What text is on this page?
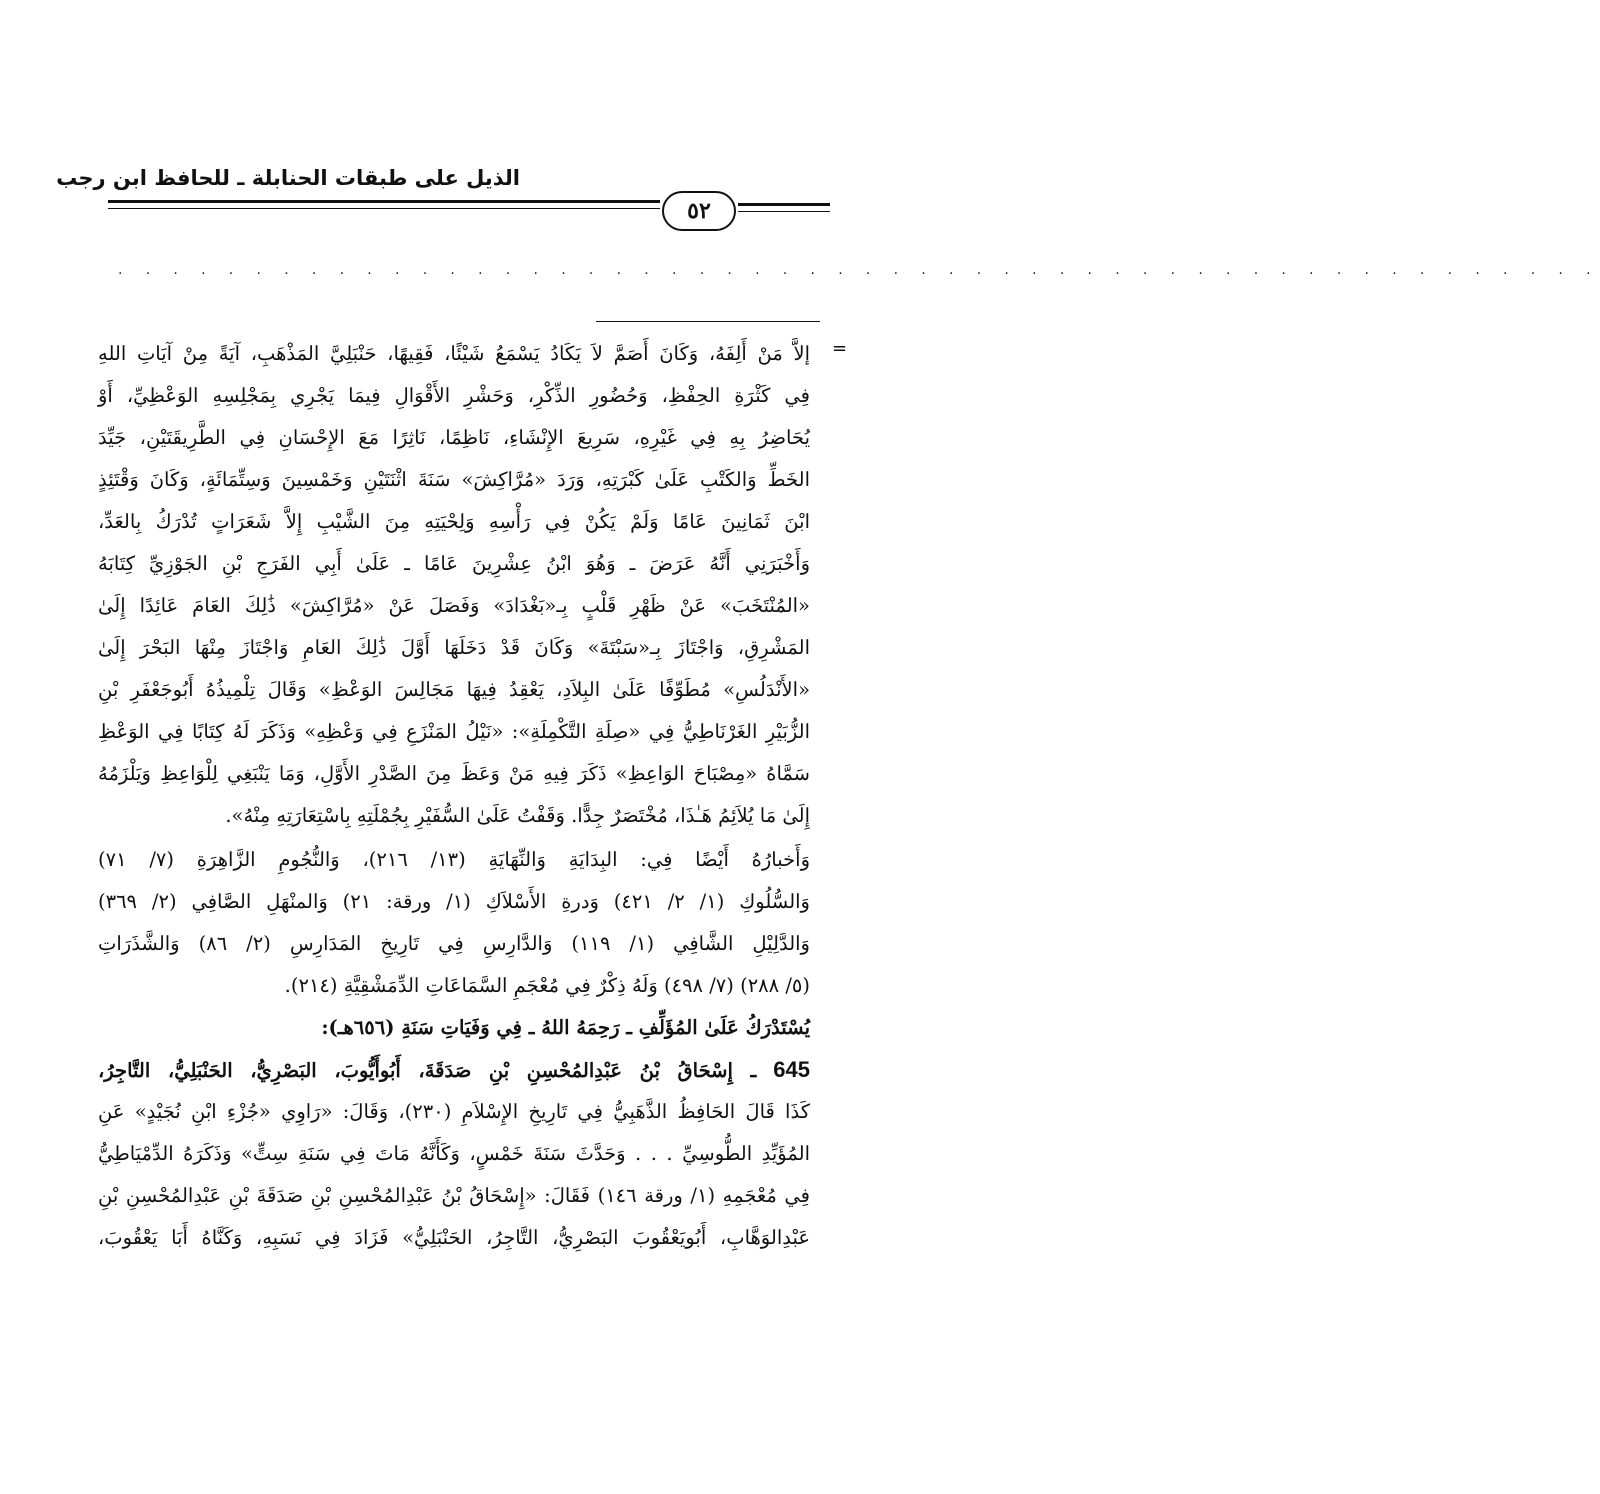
الذيل على طبقات الحنابلة ـ للحافظ ابن رجب
٥٢
. . . . . . . . . . . . . . . . . . . . . . . . . . . . . . . . . . . . . . . . . . . . . . . . . . . . . .
=
إلاَّ مَنْ أَلِفَهُ، وَكَانَ أَصَمَّ لاَ يَكَادُ يَسْمَعُ شَيْئًا، فَقِيهًا، حَنْبَلِيَّ المَذْهَبِ، آيَةً مِنْ آيَاتِ اللهِ
فِي كَثْرَةِ الحِفْظِ، وَحُضُورِ الذِّكْرِ، وَحَشْرِ الأَقْوَالِ فِيمَا يَجْرِي بِمَجْلِسِهِ الوَعْظِيِّ، أَوْ
يُحَاضِرُ بِهِ فِي غَيْرِهِ، سَرِيعَ الإِنْشَاءِ، نَاظِمًا، نَاثِرًا مَعَ الإِحْسَانِ فِي الطَّرِيقَتَيْنِ، جَيِّدَ
الخَطِّ وَالكَتْبِ عَلَىٰ كَبْرَتِهِ، وَرَدَ «مُرَّاكِشَ» سَنَةَ اثْنَتَيْنِ وَخَمْسِينَ وَسِتِّمَائَةٍ، وَكَانَ وَقْتَئِذٍ
ابْنَ ثَمَانِينَ عَامًا وَلَمْ يَكُنْ فِي رَأْسِهِ وَلِحْيَتِهِ مِنَ الشَّيْبِ إِلاَّ شَعَرَاتٍ تُدْرَكُ بِالعَدِّ،
وَأَخْبَرَنِي أَنَّهُ عَرَضَ ـ وَهُوَ ابْنُ عِشْرِينَ عَامًا ـ عَلَىٰ أَبِي الفَرَجِ بْنِ الجَوْزِيِّ كِتَابَهُ
«المُنْتَخَبَ» عَنْ ظَهْرِ قَلْبٍ بِـ«بَغْدَادَ» وَفَصَلَ عَنْ «مُرَّاكِشَ» ذَٰلِكَ العَامَ عَائِدًا إِلَىٰ
المَشْرِقِ، وَاجْتَازَ بِـ«سَبْتَةَ» وَكَانَ قَدْ دَخَلَهَا أَوَّلَ ذَٰلِكَ العَامِ وَاجْتَازَ مِنْهَا البَحْرَ إِلَىٰ
«الأَنْدَلُسِ» مُطَوِّفًا عَلَىٰ البِلاَدِ، يَعْقِدُ فِيهَا مَجَالِسَ الوَعْظِ» وَقَالَ تِلْمِيذُهُ أَبُوجَعْفَرِ بْنِ
الزُّبَيْرِ الغَرْنَاطِيُّ فِي «صِلَةِ التَّكْمِلَةِ»: «نَيْلُ المَنْزَعِ فِي وَعْظِهِ» وَذَكَرَ لَهُ كِتَابًا فِي الوَعْظِ
سَمَّاهُ «مِصْبَاحَ الوَاعِظِ» ذَكَرَ فِيهِ مَنْ وَعَظَ مِنَ الصَّدْرِ الأَوَّلِ، وَمَا يَنْبَغِي لِلْوَاعِظِ وَيَلْزَمُهُ
إِلَىٰ مَا يُلاَئِمُ هَـٰذَا، مُخْتَصَرٌ جِدًّا. وَقَفْتُ عَلَىٰ السُّفَيْرِ بِجُمْلَتِهِ بِاسْتِعَارَتِهِ مِنْهُ».
وَأَخبارُهُ أَيْضًا فِي: البِدَايَةِ وَالنِّهَايَةِ (١٣/ ٢١٦)، وَالنُّجُومِ الزَّاهِرَةِ (٧/ ٧١)
وَالسُّلُوكِ (١/ ٢/ ٤٢١) وَدرةِ الأَسْلاَكِ (١/ ورقة: ٢١) وَالمنْهَلِ الصَّافِي (٢/ ٣٦٩)
وَالدَّلِيْلِ الشَّافِي (١/ ١١٩) وَالدَّارِسِ فِي تَارِيخِ المَدَارِسِ (٢/ ٨٦) وَالشَّذَرَاتِ
(٥/ ٢٨٨) (٧/ ٤٩٨) وَلَهُ ذِكْرٌ فِي مُعْجَمِ السَّمَاعَاتِ الدِّمَشْقِيَّةِ (٢١٤).
يُسْتَدْرَكُ عَلَىٰ المُؤَلِّفِ ـ رَحِمَهُ اللهُ ـ فِي وَفَيَاتِ سَنَةِ (٦٥٦هـ):
645 ـ إِسْحَاقُ بْنُ عَبْدِالمُحْسِنِ بْنِ صَدَقَةَ، أَبُوأَيُّوبَ، البَصْرِيُّ، الحَنْبَلِيُّ، التَّاجِرُ،
كَذَا قَالَ الحَافِظُ الذَّهَبِيُّ فِي تَارِيخِ الإِسْلاَمِ (٢٣٠)، وَقَالَ: «رَاوِي «جُزْءِ ابْنِ نُجَيْدٍ» عَنِ
المُؤَيِّدِ الطُّوسِيِّ . . . وَحَدَّثَ سَنَةَ خَمْسٍ، وَكَأَنَّهُ مَاتَ فِي سَنَةِ سِتٍّ» وَذَكَرَهُ الدِّمْيَاطِيُّ
فِي مُعْجَمِهِ (١/ ورقة ١٤٦) فَقَالَ: «إِسْحَاقُ بْنُ عَبْدِالمُحْسِنِ بْنِ صَدَقَةَ بْنِ عَبْدِالمُحْسِنِ بْنِ
عَبْدِالوَهَّابِ، أَبُويَعْقُوبَ البَصْرِيُّ، التَّاجِرُ، الحَنْبَلِيُّ» فَزَادَ فِي نَسَبِهِ، وَكَنَّاهُ أَبَا يَعْقُوبَ،
